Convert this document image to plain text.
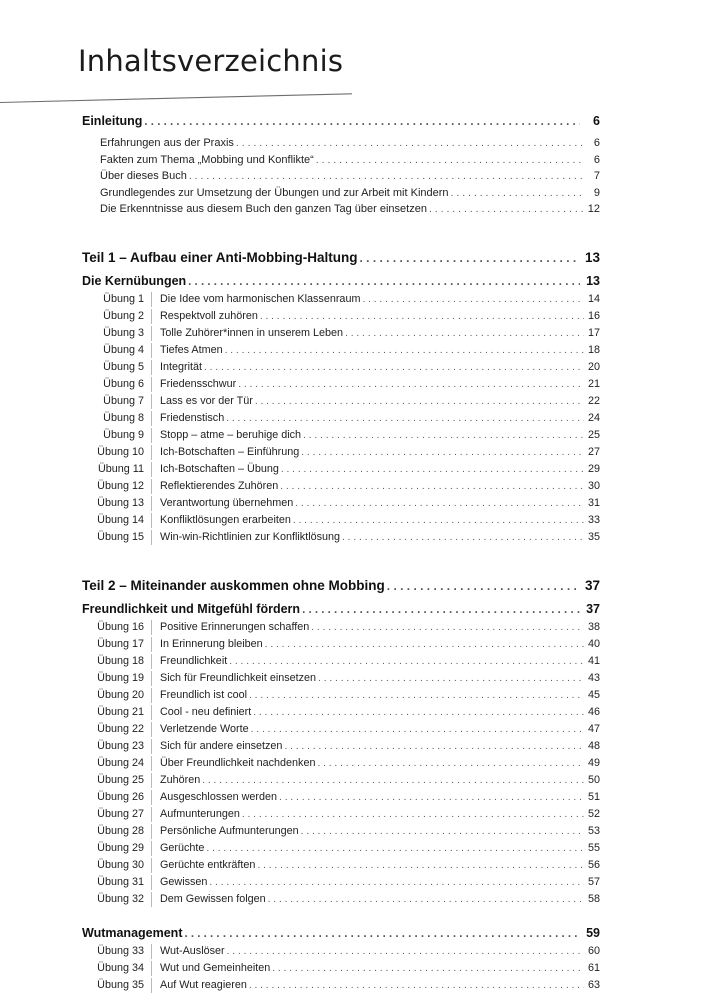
Inhaltsverzeichnis
Einleitung . . .	6
Erfahrungen aus der Praxis . . .	6
Fakten zum Thema „Mobbing und Konflikte“ . . .	6
Über dieses Buch . . .	7
Grundlegendes zur Umsetzung der Übungen und zur Arbeit mit Kindern . . .	9
Die Erkenntnisse aus diesem Buch den ganzen Tag über einsetzen . . .	12
Teil 1 – Aufbau einer Anti-Mobbing-Haltung . . .	13
Die Kernübungen . . .	13
Übung 1	Die Idee vom harmonischen Klassenraum . . .	14
Übung 2	Respektvoll zuhören . . .	16
Übung 3	Tolle Zuhörer*innen in unserem Leben . . .	17
Übung 4	Tiefes Atmen . . .	18
Übung 5	Integrität . . .	20
Übung 6	Friedensschwur . . .	21
Übung 7	Lass es vor der Tür . . .	22
Übung 8	Friedenstisch . . .	24
Übung 9	Stopp – atme – beruhige dich . . .	25
Übung 10	Ich-Botschaften – Einführung . . .	27
Übung 11	Ich-Botschaften – Übung . . .	29
Übung 12	Reflektierendes Zuhören . . .	30
Übung 13	Verantwortung übernehmen . . .	31
Übung 14	Konfliktlösungen erarbeiten . . .	33
Übung 15	Win-win-Richtlinien zur Konfliktlösung . . .	35
Teil 2 – Miteinander auskommen ohne Mobbing . . .	37
Freundlichkeit und Mitgefühl fördern . . .	37
Übung 16	Positive Erinnerungen schaffen . . .	38
Übung 17	In Erinnerung bleiben . . .	40
Übung 18	Freundlichkeit . . .	41
Übung 19	Sich für Freundlichkeit einsetzen . . .	43
Übung 20	Freundlich ist cool . . .	45
Übung 21	Cool - neu definiert . . .	46
Übung 22	Verletzende Worte . . .	47
Übung 23	Sich für andere einsetzen . . .	48
Übung 24	Über Freundlichkeit nachdenken . . .	49
Übung 25	Zuhören . . .	50
Übung 26	Ausgeschlossen werden . . .	51
Übung 27	Aufmunterungen . . .	52
Übung 28	Persönliche Aufmunterungen . . .	53
Übung 29	Gerüchte . . .	55
Übung 30	Gerüchte entkräften . . .	56
Übung 31	Gewissen . . .	57
Übung 32	Dem Gewissen folgen . . .	58
Wutmanagement . . .	59
Übung 33	Wut-Auslöser . . .	60
Übung 34	Wut und Gemeinheiten . . .	61
Übung 35	Auf Wut reagieren . . .	63
